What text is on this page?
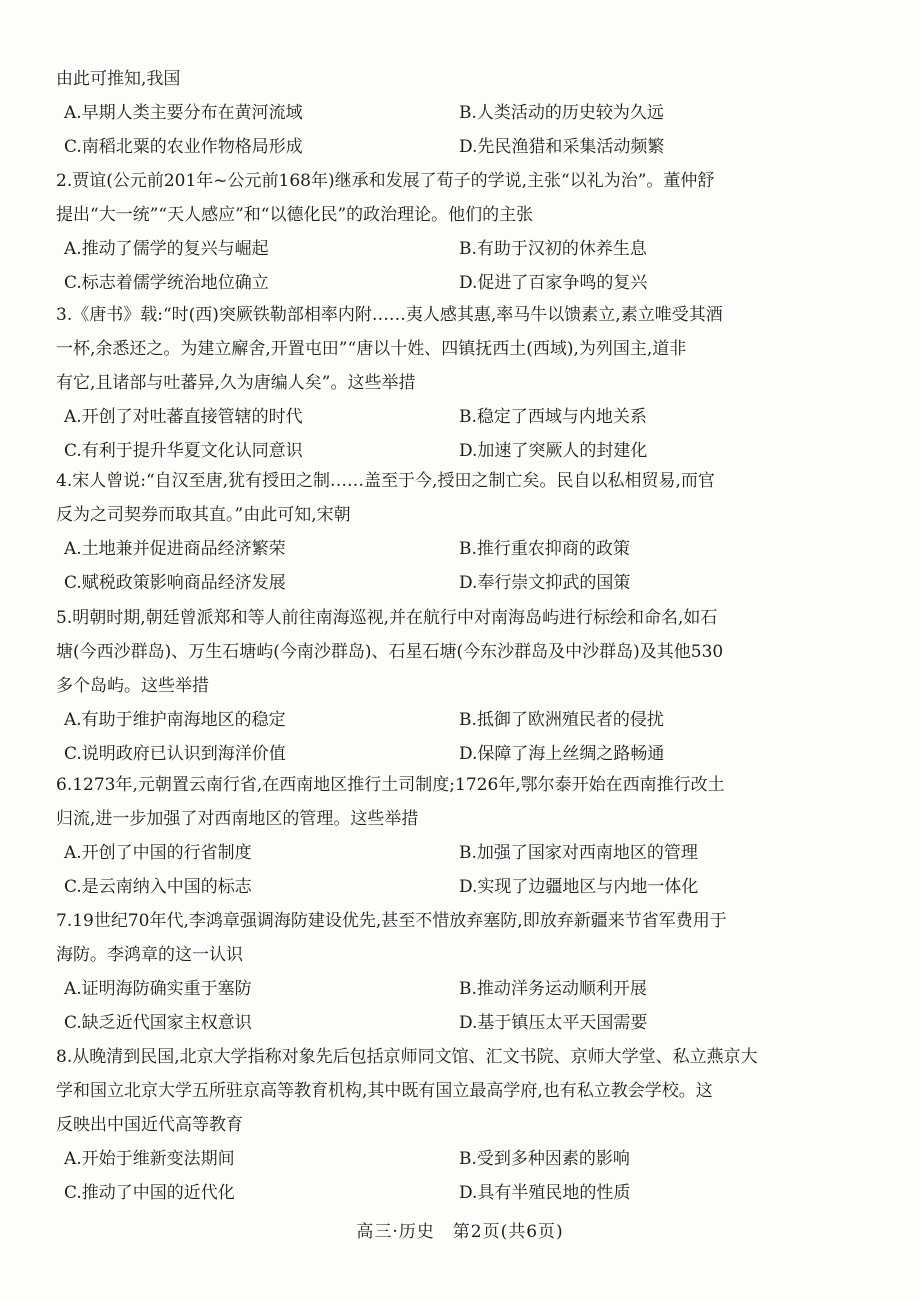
由此可推知,我国
A.早期人类主要分布在黄河流域	B.人类活动的历史较为久远
C.南稻北粟的农业作物格局形成	D.先民渔猎和采集活动频繁
2.贾谊(公元前201年~公元前168年)继承和发展了荀子的学说,主张“以礼为治”。董仲舒
提出“大一统”“天人感应”和“以德化民”的政治理论。他们的主张
A.推动了儒学的复兴与崛起	B.有助于汉初的休养生息
C.标志着儒学统治地位确立	D.促进了百家争鸣的复兴
3.《唐书》载:“时(西)突厥铁勒部相率内附……夷人感其惠,率马牛以馈素立,素立唯受其酒
一杯,余悉还之。为建立廨舍,开置屯田”“唐以十姓、四镇抚西土(西域),为列国主,道非
有它,且诸部与吐蕃异,久为唐编人矣”。这些举措
A.开创了对吐蕃直接管辖的时代	B.稳定了西域与内地关系
C.有利于提升华夏文化认同意识	D.加速了突厥人的封建化
4.宋人曾说:“自汉至唐,犹有授田之制……盖至于今,授田之制亡矣。民自以私相贸易,而官
反为之司契券而取其直。”由此可知,宋朝
A.土地兼并促进商品经济繁荣	B.推行重农抑商的政策
C.赋税政策影响商品经济发展	D.奉行崇文抑武的国策
5.明朝时期,朝廷曾派郑和等人前往南海巡视,并在航行中对南海岛屿进行标绘和命名,如石
塘(今西沙群岛)、万生石塘屿(今南沙群岛)、石星石塘(今东沙群岛及中沙群岛)及其他530
多个岛屿。这些举措
A.有助于维护南海地区的稳定	B.抵御了欧洲殖民者的侵扰
C.说明政府已认识到海洋价值	D.保障了海上丝绸之路畅通
6.1273年,元朝置云南行省,在西南地区推行土司制度;1726年,鄂尔泰开始在西南推行改土
归流,进一步加强了对西南地区的管理。这些举措
A.开创了中国的行省制度	B.加强了国家对西南地区的管理
C.是云南纳入中国的标志	D.实现了边疆地区与内地一体化
7.19世纪70年代,李鸿章强调海防建设优先,甚至不惜放弃塞防,即放弃新疆来节省军费用于
海防。李鸿章的这一认识
A.证明海防确实重于塞防	B.推动洋务运动顺利开展
C.缺乏近代国家主权意识	D.基于镇压太平天国需要
8.从晚清到民国,北京大学指称对象先后包括京师同文馆、汇文书院、京师大学堂、私立燕京大
学和国立北京大学五所驻京高等教育机构,其中既有国立最高学府,也有私立教会学校。这
反映出中国近代高等教育
A.开始于维新变法期间	B.受到多种因素的影响
C.推动了中国的近代化	D.具有半殖民地的性质
高三·历史　第2页(共6页)
